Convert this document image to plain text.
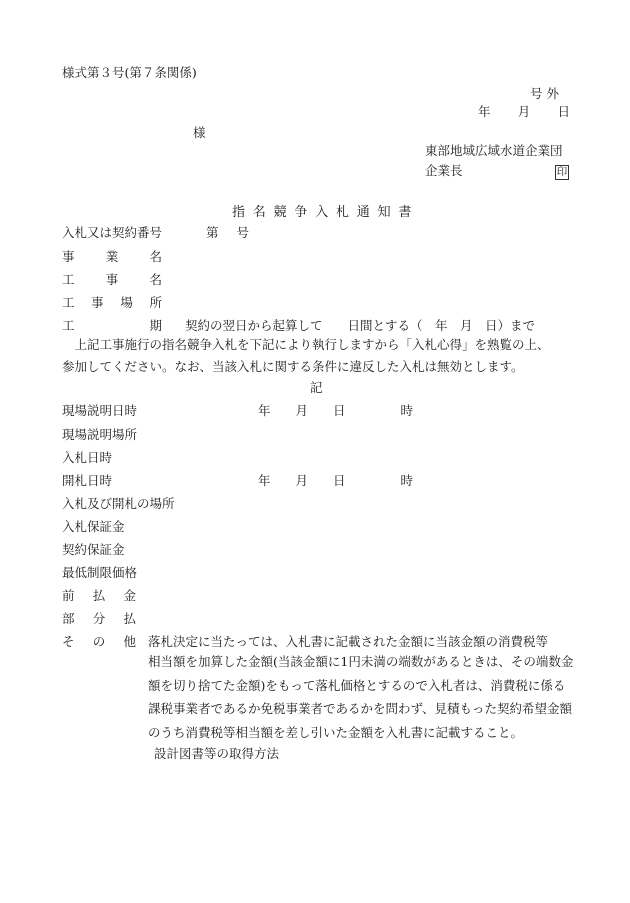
様式第３号(第７条関係)
号 外
年 月 日
様
東部地域広域水道企業団
企業長	印
指名競争入札通知書
入札又は契約番号	第 号
事 業 名
工 事 名
工 事 場 所
工	期 契約の翌日から起算して　　日間とする（　年　月　日）まで

上記工事施行の指名競争入札を下記により執行しますから「入札心得」を熟覧の上、

参加してください。なお、当該入札に関する条件に違反した入札は無効とします。

記
現場説明日時	年 月 日	時
現場説明場所
入札日時
開札日時	年 月 日	時
入札及び開札の場所
入札保証金
契約保証金
最低制限価格
前 払 金
部 分 払
そ の 他 落札決定に当たっては、入札書に記載された金額に当該金額の消費税等
相当額を加算した金額(当該金額に1円未満の端数があるときは、その端数金
額を切り捨てた金額)をもって落札価格とするので入札者は、消費税に係る
課税事業者であるか免税事業者であるかを問わず、見積もった契約希望金額
のうち消費税等相当額を差し引いた金額を入札書に記載すること。
設計図書等の取得方法
